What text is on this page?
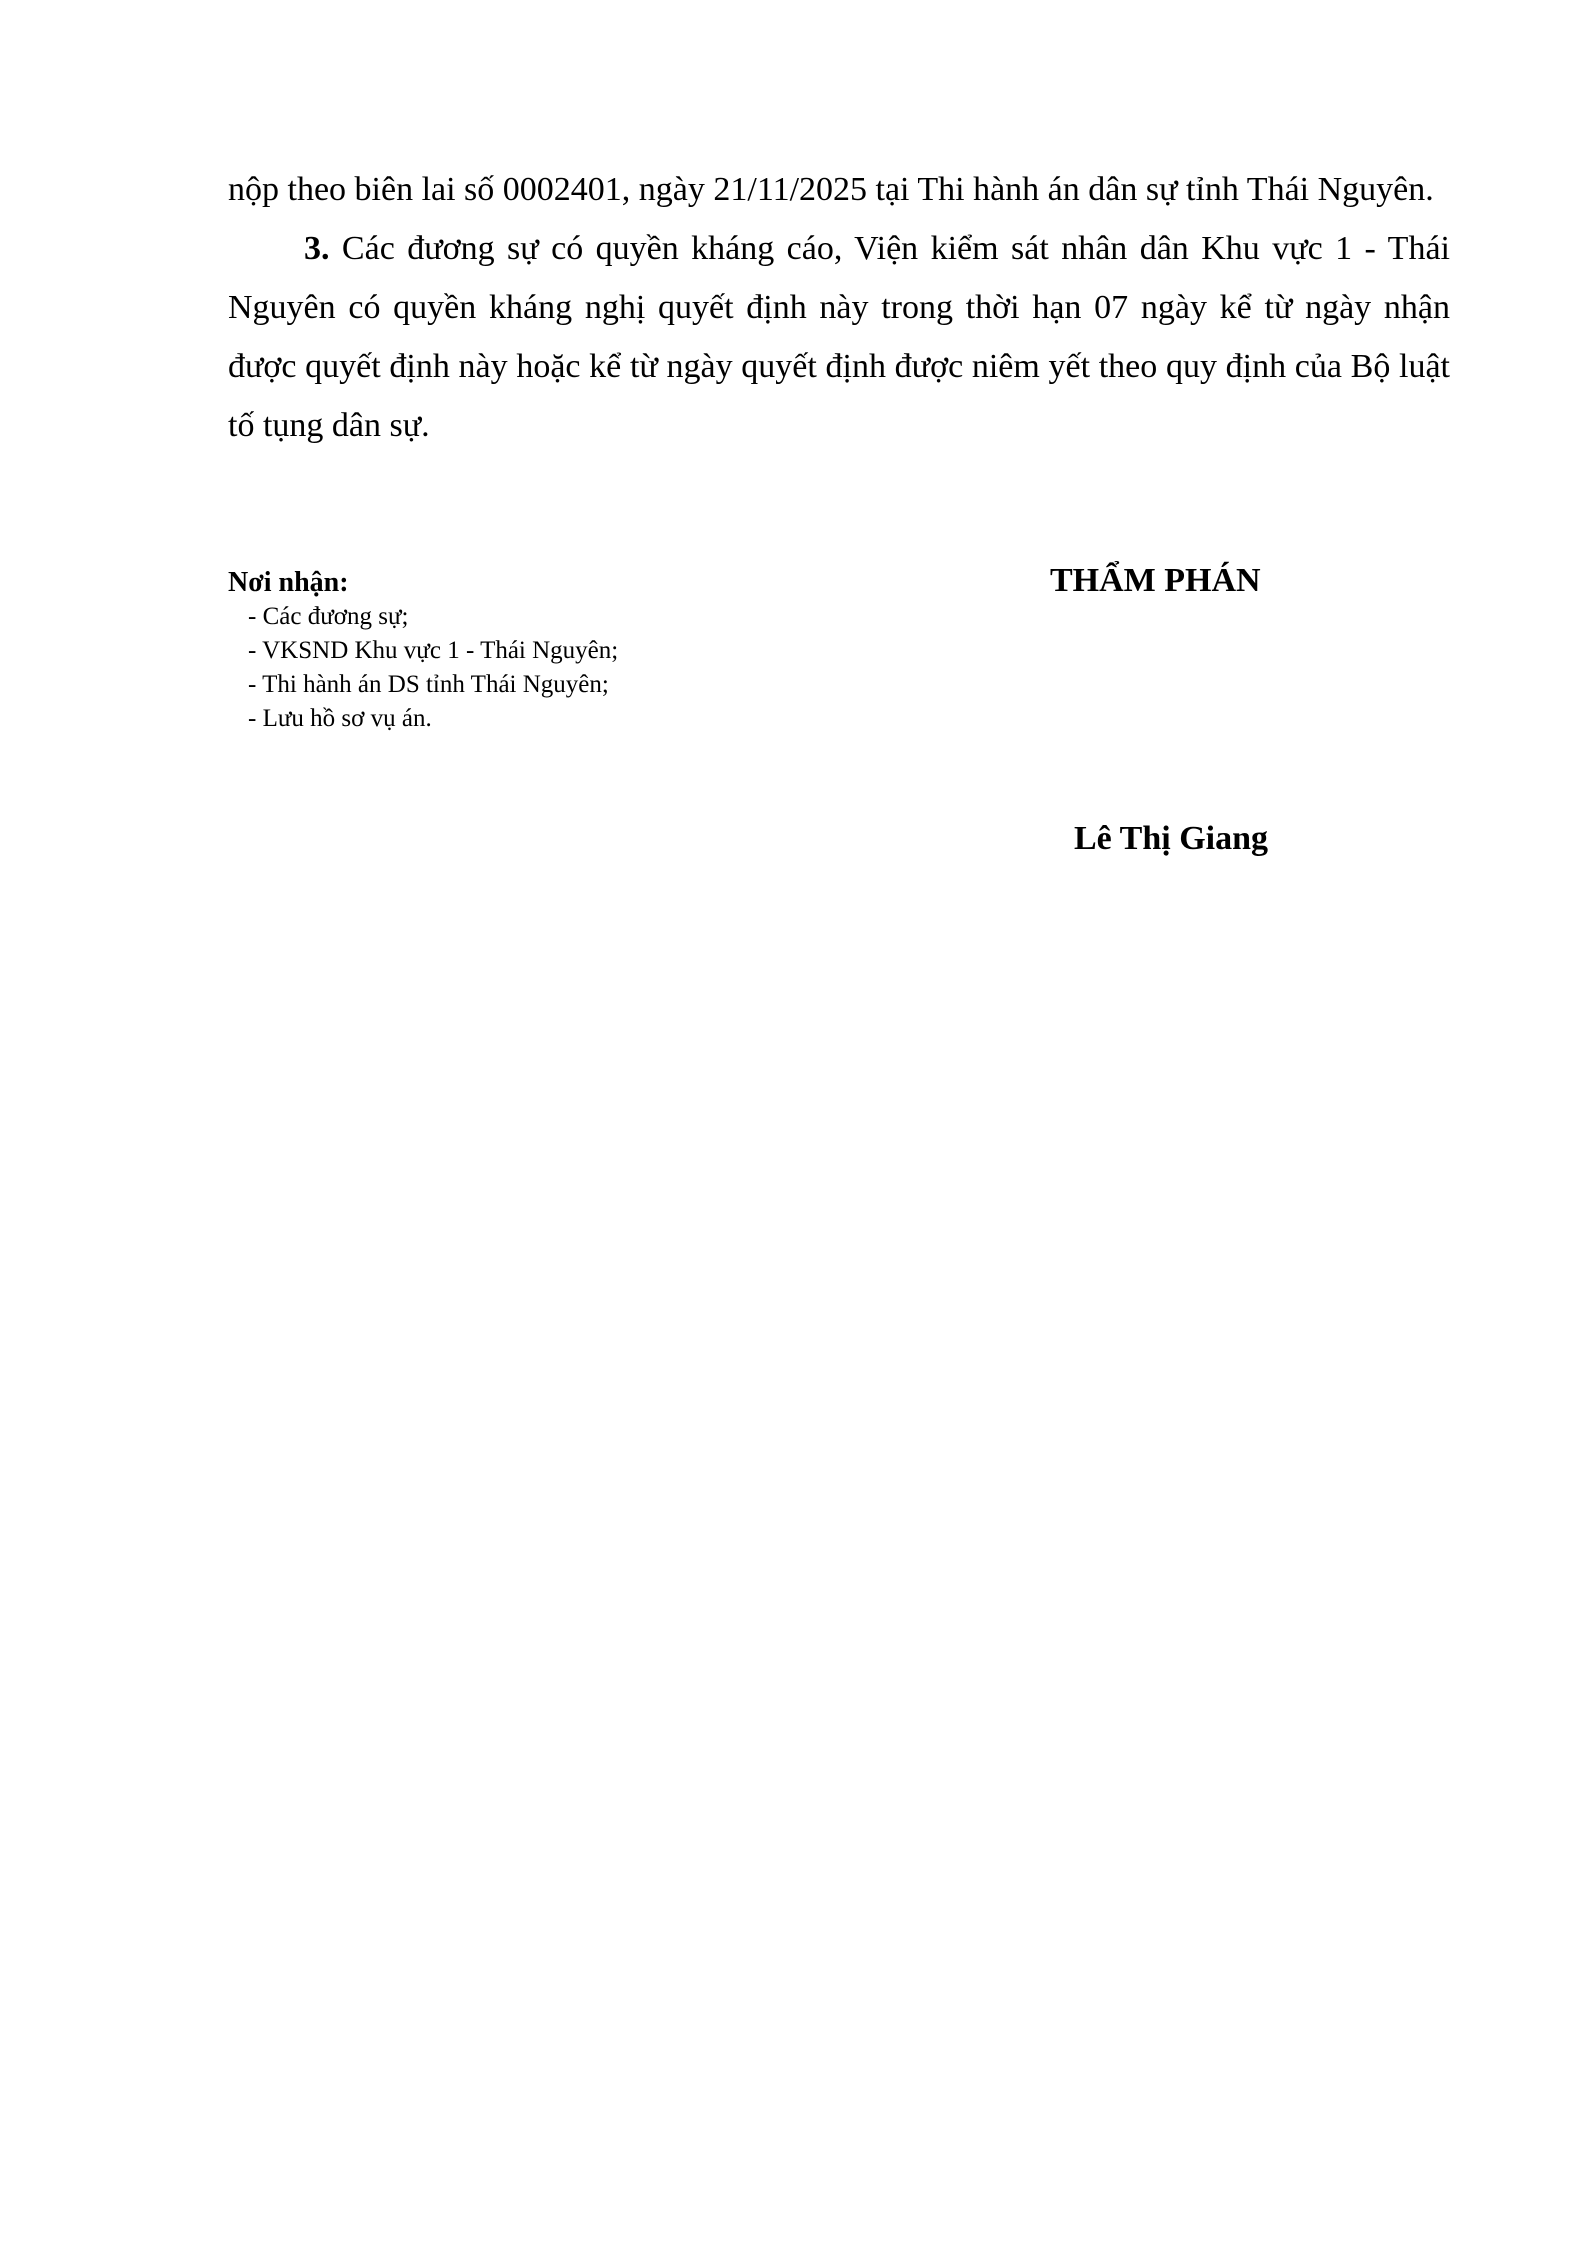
nộp theo biên lai số 0002401, ngày 21/11/2025 tại Thi hành án dân sự tỉnh Thái Nguyên.

3. Các đương sự có quyền kháng cáo, Viện kiểm sát nhân dân Khu vực 1 - Thái Nguyên có quyền kháng nghị quyết định này trong thời hạn 07 ngày kể từ ngày nhận được quyết định này hoặc kể từ ngày quyết định được niêm yết theo quy định của Bộ luật tố tụng dân sự.

Nơi nhận:
- Các đương sự;
- VKSND Khu vực 1 - Thái Nguyên;
- Thi hành án DS tỉnh Thái Nguyên;
- Lưu hồ sơ vụ án.
THẨM PHÁN
Lê Thị Giang
